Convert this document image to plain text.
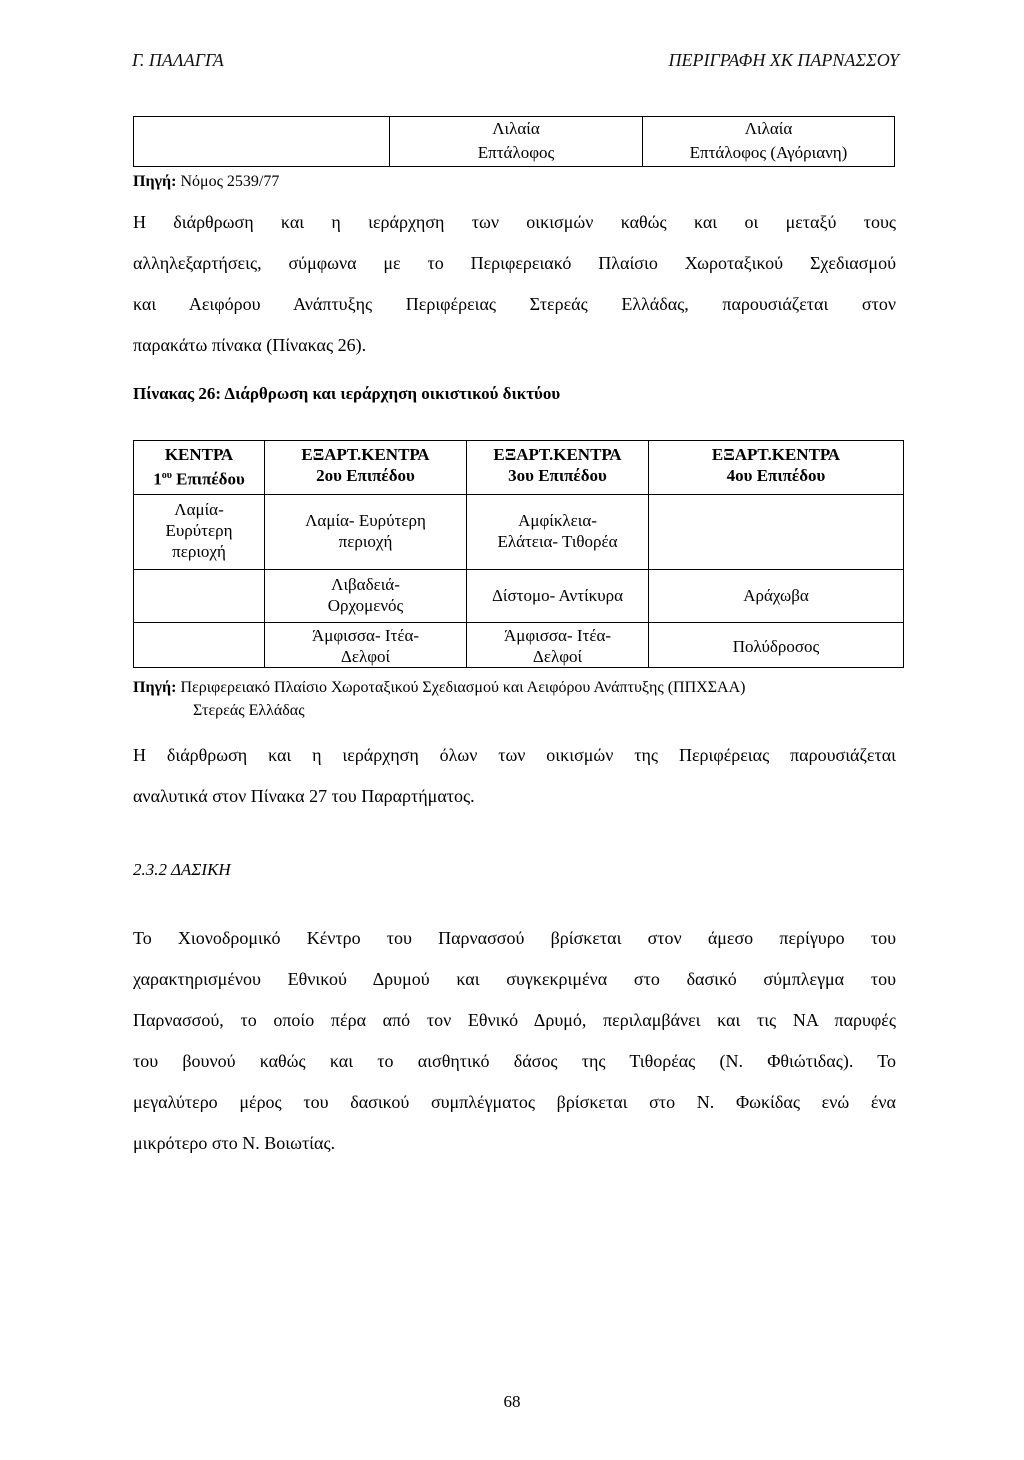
Γ. ΠΑΛΑΓΓΑ	ΠΕΡΙΓΡΑΦΗ ΧΚ ΠΑΡΝΑΣΣΟΥ
Λιλαία
Επτάλοφος
Λιλαία
Επτάλοφος (Αγόριανη)
Πηγή: Νόμος 2539/77
Η διάρθρωση και η ιεράρχηση των οικισμών καθώς και οι μεταξύ τους
αλληλεξαρτήσεις, σύμφωνα με το Περιφερειακό Πλαίσιο Χωροταξικού Σχεδιασμού
και Αειφόρου Ανάπτυξης Περιφέρειας Στερεάς Ελλάδας, παρουσιάζεται στον
παρακάτω πίνακα (Πίνακας 26).
Πίνακας 26: Διάρθρωση και ιεράρχηση οικιστικού δικτύου
ΚΕΝΤΡΑ
$1^{o\upsilon}$ Επιπέδου
ΕΞΑΡΤ.ΚΕΝΤΡΑ
2ου Επιπέδου
ΕΞΑΡΤ.ΚΕΝΤΡΑ
3ου Επιπέδου
ΕΞΑΡΤ.ΚΕΝΤΡΑ
4ου Επιπέδου
Λαμία-
Ευρύτερη
περιοχή
Λαμία- Ευρύτερη
περιοχή
Αμφίκλεια-
Ελάτεια- Τιθορέα
Λιβαδειά-
Ορχομενός
Δίστομο- Αντίκυρα	Αράχωβα
Άμφισσα- Ιτέα-
Δελφοί
Άμφισσα- Ιτέα-
Δελφοί
Πολύδροσος
Πηγή: Περιφερειακό Πλαίσιο Χωροταξικού Σχεδιασμού και Αειφόρου Ανάπτυξης (ΠΠΧΣΑΑ)
Στερεάς Ελλάδας
Η διάρθρωση και η ιεράρχηση όλων των οικισμών της Περιφέρειας παρουσιάζεται
αναλυτικά στον Πίνακα 27 του Παραρτήματος.
2.3.2 ΔΑΣΙΚΗ
Το Χιονοδρομικό Κέντρο του Παρνασσού βρίσκεται στον άμεσο περίγυρο του
χαρακτηρισμένου Εθνικού Δρυμού και συγκεκριμένα στο δασικό σύμπλεγμα του
Παρνασσού, το οποίο πέρα από τον Εθνικό Δρυμό, περιλαμβάνει και τις ΝΑ παρυφές
του βουνού καθώς και το αισθητικό δάσος της Τιθορέας (Ν. Φθιώτιδας). Το
μεγαλύτερο μέρος του δασικού συμπλέγματος βρίσκεται στο Ν. Φωκίδας ενώ ένα
μικρότερο στο Ν. Βοιωτίας.
68
